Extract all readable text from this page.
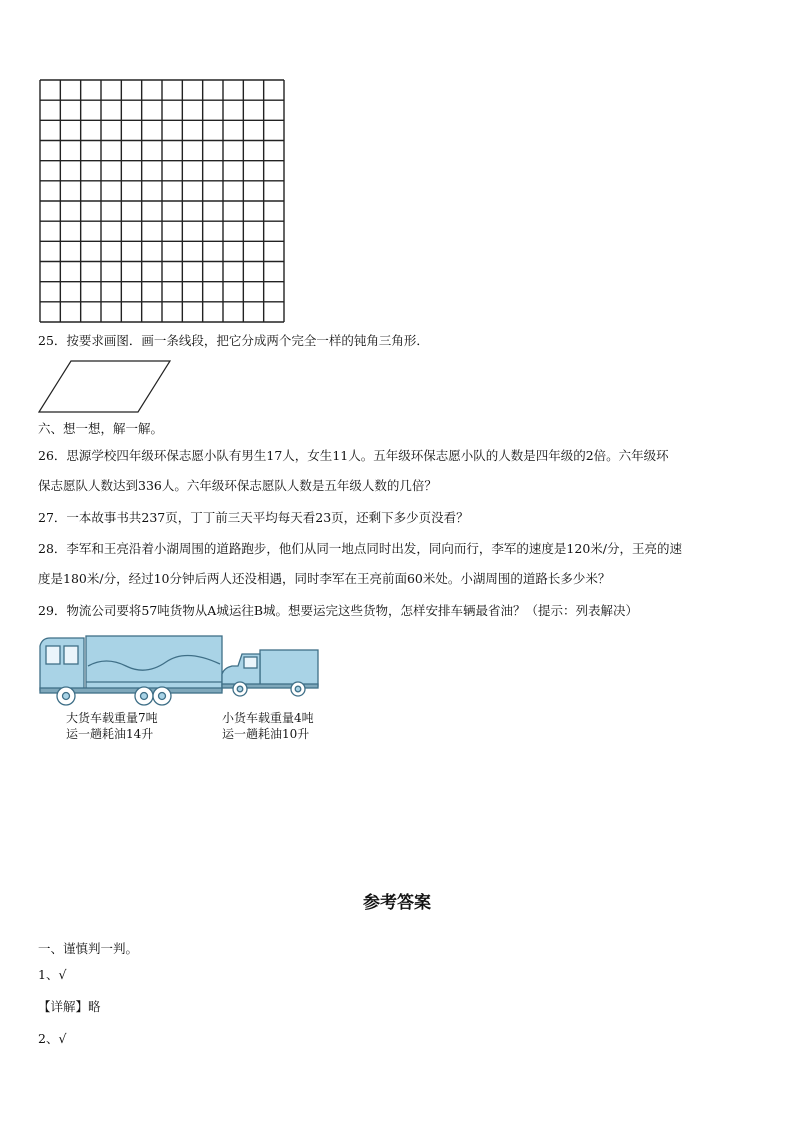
25．按要求画图．画一条线段，把它分成两个完全一样的钝角三角形．
六、想一想，解一解。
26．思源学校四年级环保志愿小队有男生17人，女生11人。五年级环保志愿小队的人数是四年级的2倍。六年级环
保志愿队人数达到336人。六年级环保志愿队人数是五年级人数的几倍？
27．一本故事书共237页，丁丁前三天平均每天看23页，还剩下多少页没看？
28．李军和王亮沿着小湖周围的道路跑步，他们从同一地点同时出发，同向而行，李军的速度是120米/分，王亮的速
度是180米/分，经过10分钟后两人还没相遇，同时李军在王亮前面60米处。小湖周围的道路长多少米？
29．物流公司要将57吨货物从A城运往B城。想要运完这些货物，怎样安排车辆最省油？（提示：列表解决）
大货车载重量7吨
运一趟耗油14升
小货车载重量4吨
运一趟耗油10升
参考答案
一、谨慎判一判。
1、√
【详解】略
2、√
